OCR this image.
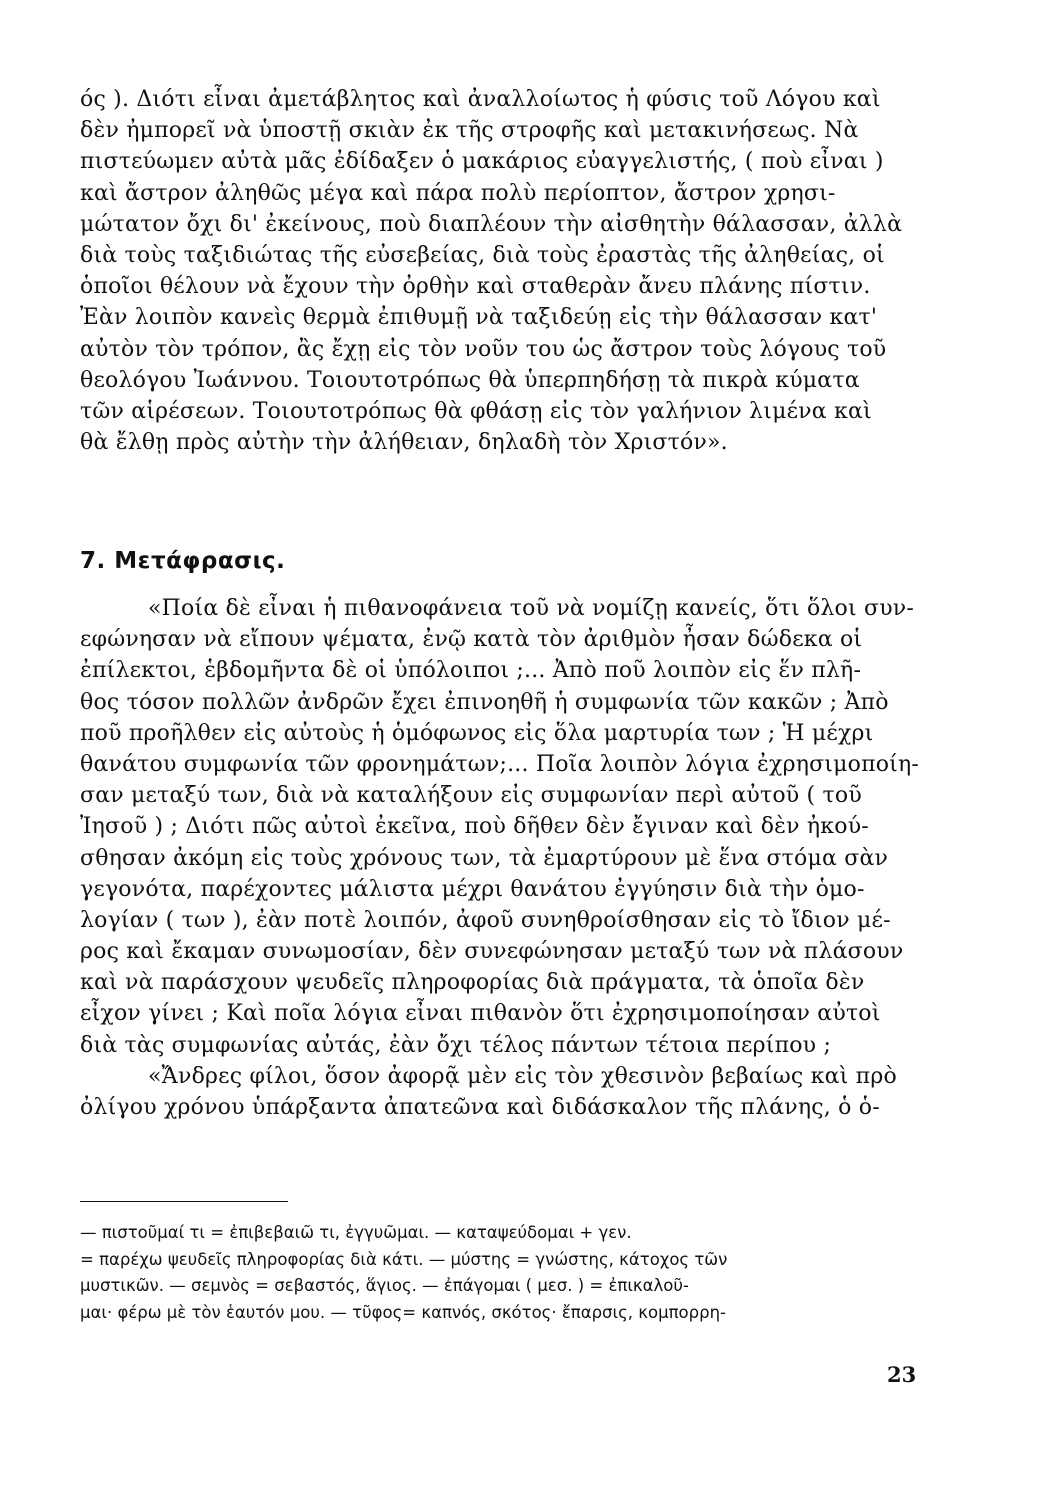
ός ). Διότι εἶναι ἀμετάβλητος καὶ ἀναλλοίωτος ἡ φύσις τοῦ Λόγου καὶ
δὲν ἠμπορεῖ νὰ ὑποστῇ σκιὰν ἐκ τῆς στροφῆς καὶ μετακινήσεως. Νὰ
πιστεύωμεν αὐτὰ μᾶς ἐδίδαξεν ὁ μακάριος εὐαγγελιστής, ( ποὺ εἶναι )
καὶ ἄστρον ἀληθῶς μέγα καὶ πάρα πολὺ περίοπτον, ἄστρον χρησι-
μώτατον ὄχι δι' ἐκείνους, ποὺ διαπλέουν τὴν αἰσθητὴν θάλασσαν, ἀλλὰ
διὰ τοὺς ταξιδιώτας τῆς εὐσεβείας, διὰ τοὺς ἐραστὰς τῆς ἀληθείας, οἱ
ὁποῖοι θέλουν νὰ ἔχουν τὴν ὀρθὴν καὶ σταθερὰν ἄνευ πλάνης πίστιν.
Ἐὰν λοιπὸν κανεὶς θερμὰ ἐπιθυμῇ νὰ ταξιδεύῃ εἰς τὴν θάλασσαν κατ'
αὐτὸν τὸν τρόπον, ἂς ἔχῃ εἰς τὸν νοῦν του ὡς ἄστρον τοὺς λόγους τοῦ
θεολόγου Ἰωάννου. Τοιουτοτρόπως θὰ ὑπερπηδήσῃ τὰ πικρὰ κύματα
τῶν αἱρέσεων. Τοιουτοτρόπως θὰ φθάσῃ εἰς τὸν γαλήνιον λιμένα καὶ
θὰ ἔλθῃ πρὸς αὐτὴν τὴν ἀλήθειαν, δηλαδὴ τὸν Χριστόν».
7. Μετάφρασις.
«Ποία δὲ εἶναι ἡ πιθανοφάνεια τοῦ νὰ νομίζῃ κανείς, ὅτι ὅλοι συν-
εφώνησαν νὰ εἴπουν ψέματα, ἐνῷ κατὰ τὸν ἀριθμὸν ἦσαν δώδεκα οἱ
ἐπίλεκτοι, ἑβδομῆντα δὲ οἱ ὑπόλοιποι ;... Ἀπὸ ποῦ λοιπὸν εἰς ἕν πλῆ-
θος τόσον πολλῶν ἀνδρῶν ἔχει ἐπινοηθῆ ἡ συμφωνία τῶν κακῶν ; Ἀπὸ
ποῦ προῆλθεν εἰς αὐτοὺς ἡ ὁμόφωνος εἰς ὅλα μαρτυρία των ; Ἡ μέχρι
θανάτου συμφωνία τῶν φρονημάτων;... Ποῖα λοιπὸν λόγια ἐχρησιμοποίη-
σαν μεταξύ των, διὰ νὰ καταλήξουν εἰς συμφωνίαν περὶ αὐτοῦ ( τοῦ
Ἰησοῦ ) ; Διότι πῶς αὐτοὶ ἐκεῖνα, ποὺ δῆθεν δὲν ἔγιναν καὶ δὲν ἠκού-
σθησαν ἀκόμη εἰς τοὺς χρόνους των, τὰ ἐμαρτύρουν μὲ ἕνα στόμα σὰν
γεγονότα, παρέχοντες μάλιστα μέχρι θανάτου ἐγγύησιν διὰ τὴν ὁμο-
λογίαν ( των ), ἐὰν ποτὲ λοιπόν, ἀφοῦ συνηθροίσθησαν εἰς τὸ ἴδιον μέ-
ρος καὶ ἔκαμαν συνωμοσίαν, δὲν συνεφώνησαν μεταξύ των νὰ πλάσουν
καὶ νὰ παράσχουν ψευδεῖς πληροφορίας διὰ πράγματα, τὰ ὁποῖα δὲν
εἶχον γίνει ; Καὶ ποῖα λόγια εἶναι πιθανὸν ὅτι ἐχρησιμοποίησαν αὐτοὶ
διὰ τὰς συμφωνίας αὐτάς, ἐὰν ὄχι τέλος πάντων τέτοια περίπου ;
«Ἄνδρες φίλοι, ὅσον ἀφορᾷ μὲν εἰς τὸν χθεσινὸν βεβαίως καὶ πρὸ
ὀλίγου χρόνου ὑπάρξαντα ἀπατεῶνα καὶ διδάσκαλον τῆς πλάνης, ὁ ὁ-
— πιστοῦμαί τι = ἐπιβεβαιῶ τι, ἐγγυῶμαι. — καταψεύδομαι + γεν.
= παρέχω ψευδεῖς πληροφορίας διὰ κάτι. — μύστης = γνώστης, κάτοχος τῶν
μυστικῶν. — σεμνὸς = σεβαστός, ἅγιος. — ἐπάγομαι ( μεσ. ) = ἐπικαλοῦ-
μαι· φέρω μὲ τὸν ἑαυτόν μου. — τῦφος= καπνός, σκότος· ἔπαρσις, κομπορρη-
23
